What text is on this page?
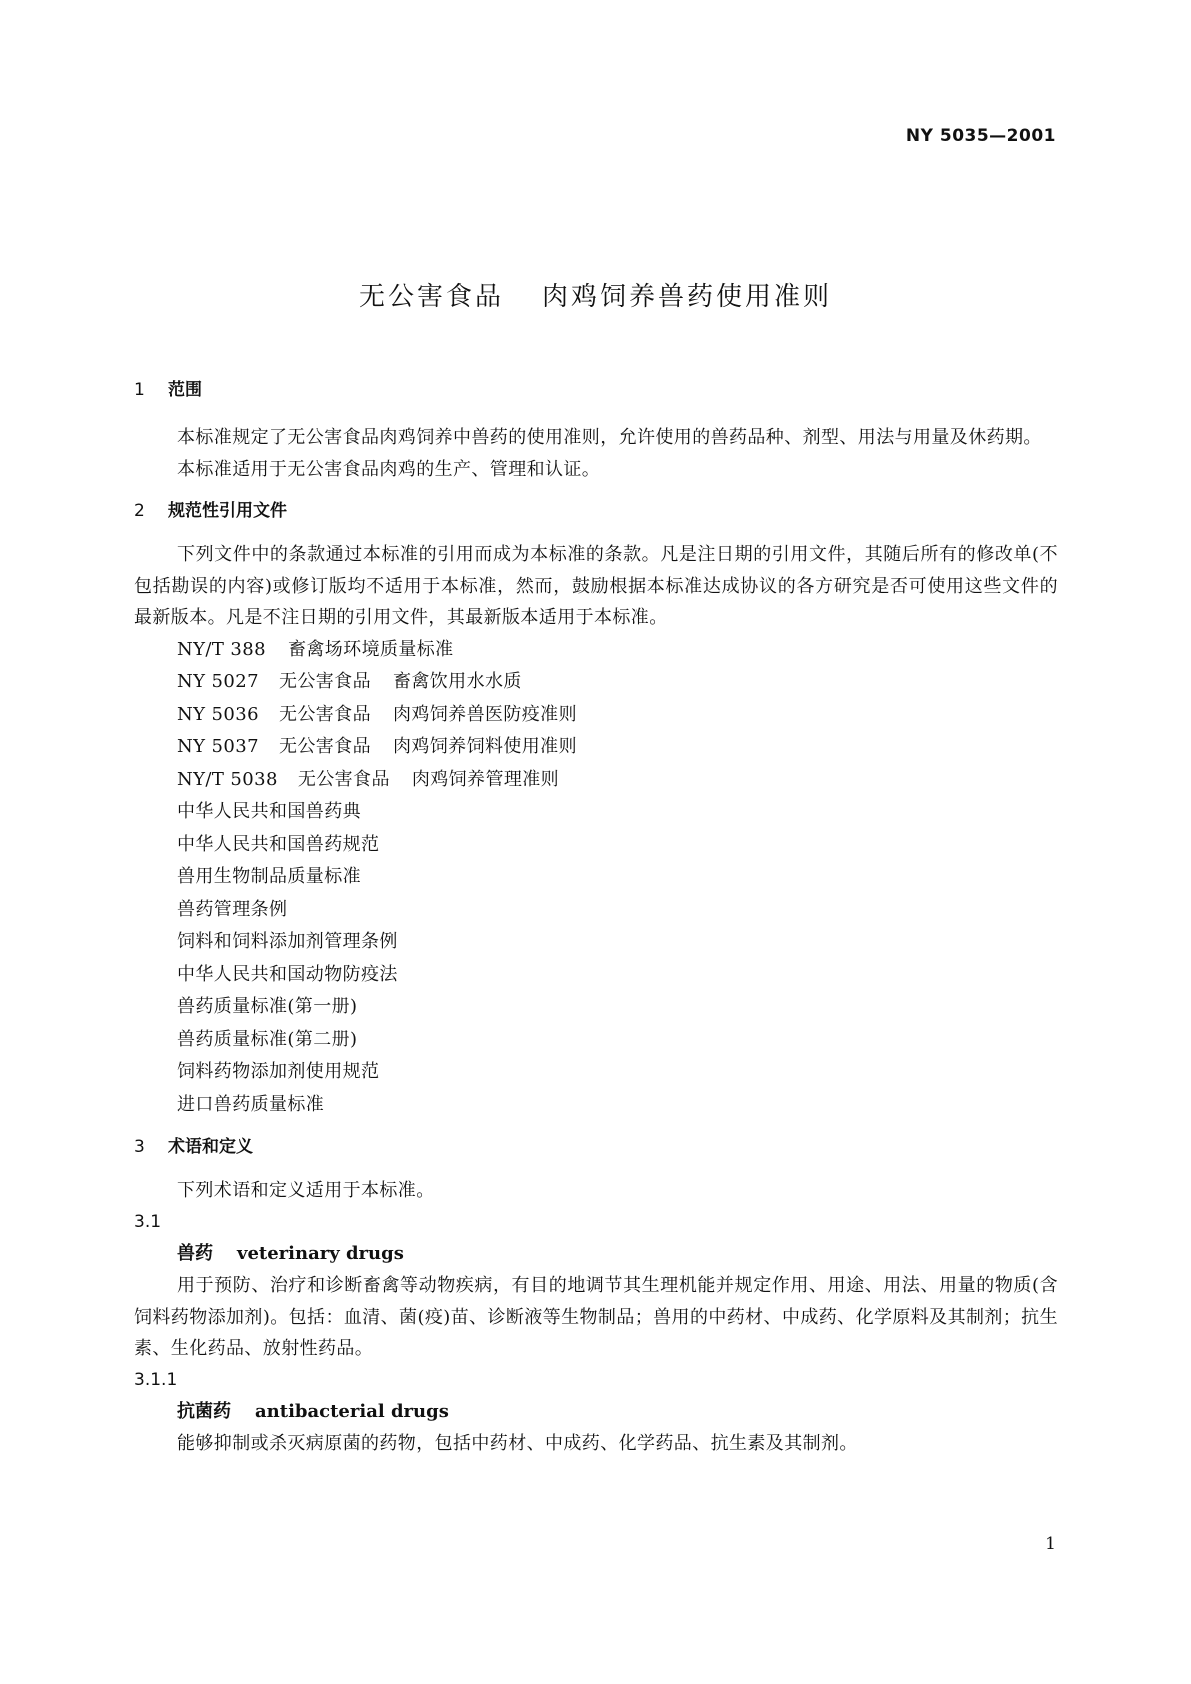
NY 5035—2001
无公害食品 肉鸡饲养兽药使用准则
1 范围

本标准规定了无公害食品肉鸡饲养中兽药的使用准则，允许使用的兽药品种、剂型、用法与用量及休药期。

本标准适用于无公害食品肉鸡的生产、管理和认证。

2 规范性引用文件

下列文件中的条款通过本标准的引用而成为本标准的条款。凡是注日期的引用文件，其随后所有的修改单(不包括勘误的内容)或修订版均不适用于本标准，然而，鼓励根据本标准达成协议的各方研究是否可使用这些文件的最新版本。凡是不注日期的引用文件，其最新版本适用于本标准。

NY/T 388 畜禽场环境质量标准
NY 5027 无公害食品 畜禽饮用水水质
NY 5036 无公害食品 肉鸡饲养兽医防疫准则
NY 5037 无公害食品 肉鸡饲养饲料使用准则
NY/T 5038 无公害食品 肉鸡饲养管理准则
中华人民共和国兽药典
中华人民共和国兽药规范
兽用生物制品质量标准
兽药管理条例
饲料和饲料添加剂管理条例
中华人民共和国动物防疫法
兽药质量标准(第一册)
兽药质量标准(第二册)
饲料药物添加剂使用规范
进口兽药质量标准
3 术语和定义

下列术语和定义适用于本标准。

3.1
兽药 veterinary drugs

用于预防、治疗和诊断畜禽等动物疾病，有目的地调节其生理机能并规定作用、用途、用法、用量的物质(含饲料药物添加剂)。包括：血清、菌(疫)苗、诊断液等生物制品；兽用的中药材、中成药、化学原料及其制剂；抗生素、生化药品、放射性药品。

3.1.1
抗菌药 antibacterial drugs

能够抑制或杀灭病原菌的药物，包括中药材、中成药、化学药品、抗生素及其制剂。

1
